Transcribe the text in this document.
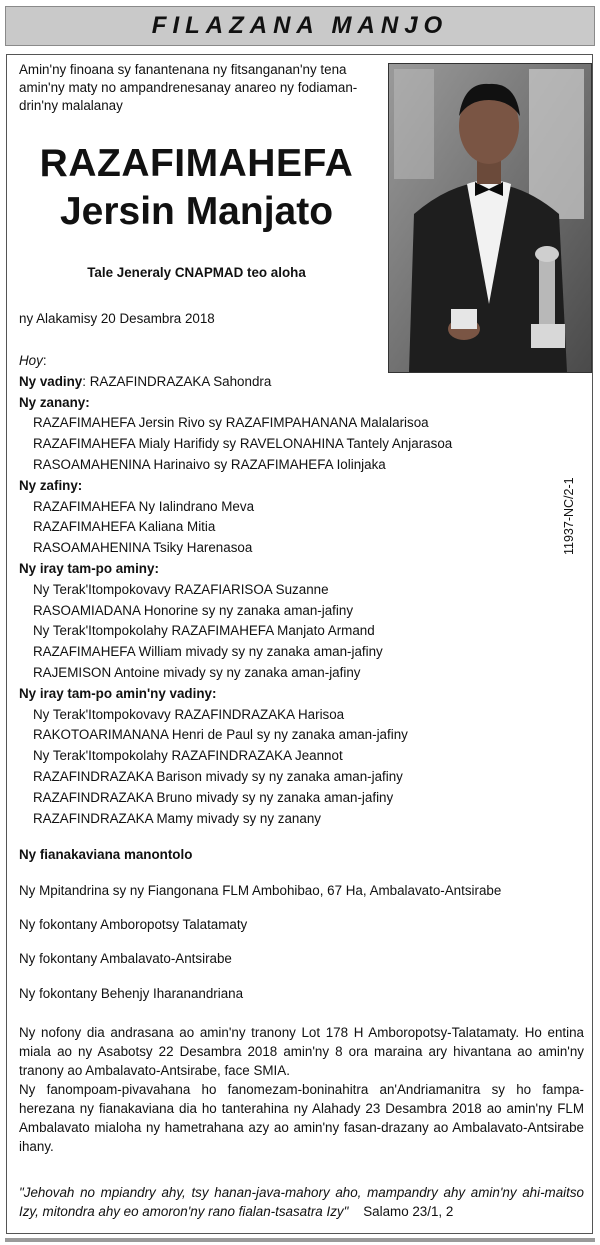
FILAZANA MANJO
Amin'ny finoana sy fanantenana ny fitsanganan'ny tena amin'ny maty no ampandrenesanay anareo ny fodiaman-drin'ny malalanay
RAZAFIMAHEFA
Jersin Manjato
Tale Jeneraly CNAPMAD teo aloha
ny Alakamisy 20 Desambra 2018
Hoy:
Ny vadiny: RAZAFINDRAZAKA Sahondra
Ny zanany:
RAZAFIMAHEFA Jersin Rivo sy RAZAFIMPAHANANA Malalarisoa
RAZAFIMAHEFA Mialy Harifidy sy RAVELONAHINA Tantely Anjarasoa
RASOAMAHENINA Harinaivo sy RAZAFIMAHEFA Iolinjaka
Ny zafiny:
RAZAFIMAHEFA Ny Ialindrano Meva
RAZAFIMAHEFA Kaliana Mitia
RASOAMAHENINA Tsiky Harenasoa
Ny iray tam-po aminy:
Ny Terak'Itompokovavy RAZAFIARISOA Suzanne
RASOAMIADANA Honorine sy ny zanaka aman-jafiny
Ny Terak'Itompokolahy RAZAFIMAHEFA Manjato Armand
RAZAFIMAHEFA William mivady sy ny zanaka aman-jafiny
RAJEMISON Antoine mivady sy ny zanaka aman-jafiny
Ny iray tam-po amin'ny vadiny:
Ny Terak'Itompokovavy RAZAFINDRAZAKA Harisoa
RAKOTOARIMANANA Henri de Paul sy ny zanaka aman-jafiny
Ny Terak'Itompokolahy RAZAFINDRAZAKA Jeannot
RAZAFINDRAZAKA Barison mivady sy ny zanaka aman-jafiny
RAZAFINDRAZAKA Bruno mivady sy ny zanaka aman-jafiny
RAZAFINDRAZAKA Mamy mivady sy ny zanany
11937-NC/2-1
Ny fianakaviana manontolo
Ny Mpitandrina sy ny Fiangonana FLM Ambohibao, 67 Ha, Ambalavato-Antsirabe
Ny fokontany Amboropotsy Talatamaty
Ny fokontany Ambalavato-Antsirabe
Ny fokontany Behenjy Iharanandriana
Ny nofony dia andrasana ao amin'ny tranony Lot 178 H Amboropotsy-Talatamaty. Ho entina miala ao ny Asabotsy 22 Desambra 2018 amin'ny 8 ora maraina ary hivantana ao amin'ny tranony ao Ambalavato-Antsirabe, face SMIA.
Ny fanompoam-pivavahana ho fanomezam-boninahitra an'Andriamanitra sy ho fampa-herezana ny fianakaviana dia ho tanterahina ny Alahady 23 Desambra 2018 ao amin'ny FLM Ambalavato mialoha ny hametrahana azy ao amin'ny fasan-drazany ao Ambalavato-Antsirabe ihany.
"Jehovah no mpiandry ahy, tsy hanan-java-mahory aho, mampandry ahy amin'ny ahi-maitso Izy, mitondra ahy eo amoron'ny rano fialan-tsasatra Izy" Salamo 23/1, 2
